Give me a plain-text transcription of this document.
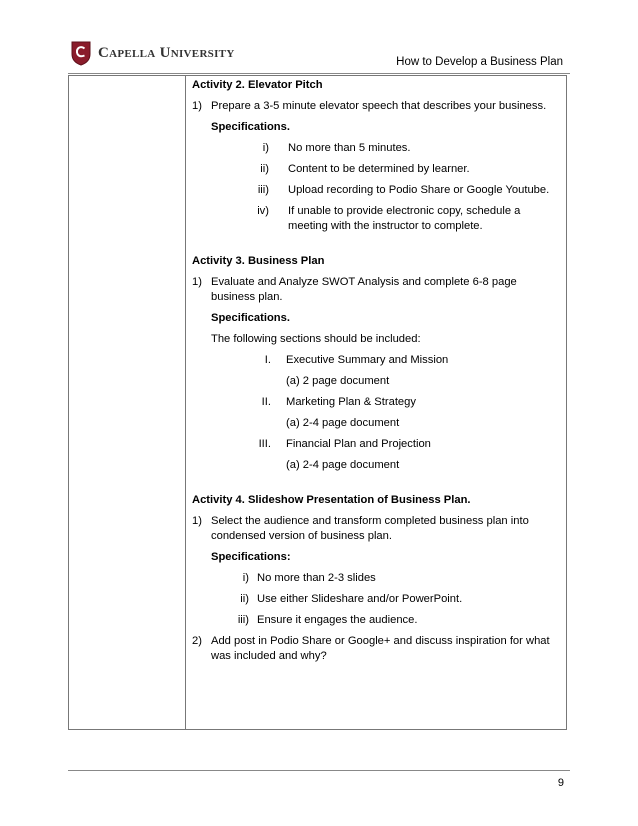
Capella University
How to Develop a Business Plan
Activity 2. Elevator Pitch
1) Prepare a 3-5 minute elevator speech that describes your business.
Specifications.
i) No more than 5 minutes.
ii) Content to be determined by learner.
iii) Upload recording to Podio Share or Google Youtube.
iv) If unable to provide electronic copy, schedule a meeting with the instructor to complete.
Activity 3. Business Plan
1) Evaluate and Analyze SWOT Analysis and complete 6-8 page business plan.
Specifications.
The following sections should be included:
I. Executive Summary and Mission
(a) 2 page document
II. Marketing Plan & Strategy
(a) 2-4 page document
III. Financial Plan and Projection
(a) 2-4 page document
Activity 4. Slideshow Presentation of Business Plan.
1) Select the audience and transform completed business plan into condensed version of business plan.
Specifications:
i) No more than 2-3 slides
ii) Use either Slideshare and/or PowerPoint.
iii) Ensure it engages the audience.
2) Add post in Podio Share or Google+ and discuss inspiration for what was included and why?
9
